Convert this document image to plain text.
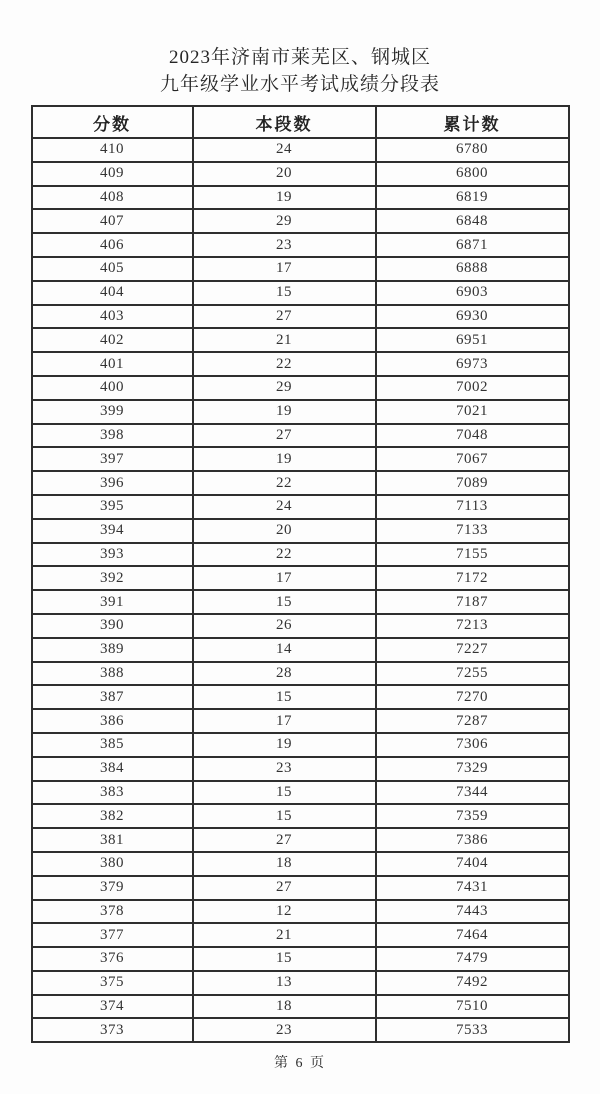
2023年济南市莱芜区、钢城区
九年级学业水平考试成绩分段表
分数	本段数	累计数
410	24	6780
409	20	6800
408	19	6819
407	29	6848
406	23	6871
405	17	6888
404	15	6903
403	27	6930
402	21	6951
401	22	6973
400	29	7002
399	19	7021
398	27	7048
397	19	7067
396	22	7089
395	24	7113
394	20	7133
393	22	7155
392	17	7172
391	15	7187
390	26	7213
389	14	7227
388	28	7255
387	15	7270
386	17	7287
385	19	7306
384	23	7329
383	15	7344
382	15	7359
381	27	7386
380	18	7404
379	27	7431
378	12	7443
377	21	7464
376	15	7479
375	13	7492
374	18	7510
373	23	7533
第 6 页
